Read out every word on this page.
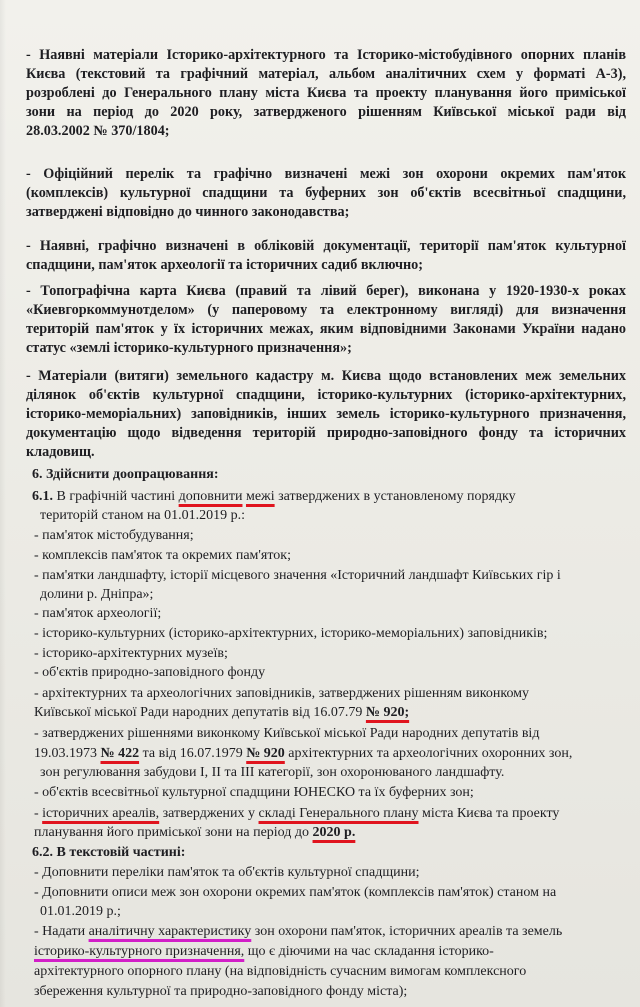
- Наявні матеріали Історико-архітектурного та Історико-містобудівного опорних планів
Києва (текстовий та графічний матеріал, альбом аналітичних схем у форматі А-3),
розроблені до Генерального плану міста Києва та проекту планування його приміської
зони на період до 2020 року, затвердженого рішенням Київської міської ради від
28.03.2002 № 370/1804;
- Офіційний перелік та графічно визначені межі зон охорони окремих пам'яток
(комплексів) культурної спадщини та буферних зон об'єктів всесвітньої спадщини,
затверджені відповідно до чинного законодавства;
- Наявні, графічно визначені в обліковій документації, території пам'яток культурної
спадщини, пам'яток археології та історичних садиб включно;
- Топографічна карта Києва (правий та лівий берег), виконана у 1920-1930-х роках
«Киевгоркоммунотделом» (у паперовому та електронному вигляді) для визначення
територій пам'яток у їх історичних межах, яким відповідними Законами України надано
статус «землі історико-культурного призначення»;
- Матеріали (витяги) земельного кадастру м. Києва щодо встановлених меж земельних
ділянок об'єктів культурної спадщини, історико-культурних (історико-архітектурних,
історико-меморіальних) заповідників, інших земель історико-культурного призначення,
документацію щодо відведення територій природно-заповідного фонду та історичних
кладовищ.
6. Здійснити доопрацювання:
6.1. В графічній частині доповнити межі затверджених в установленому порядку
територій станом на 01.01.2019 р.:
- пам'яток містобудування;
- комплексів пам'яток та окремих пам'яток;
- пам'ятки ландшафту, історії місцевого значення «Історичний ландшафт Київських гір і
долини р. Дніпра»;
- пам'яток археології;
- історико-культурних (історико-архітектурних, історико-меморіальних) заповідників;
- історико-архітектурних музеїв;
- об'єктів природно-заповідного фонду
- архітектурних та археологічних заповідників, затверджених рішенням виконкому
Київської міської Ради народних депутатів від 16.07.79 № 920;
- затверджених рішеннями виконкому Київської міської Ради народних депутатів від
19.03.1973 № 422 та від 16.07.1979 № 920 архітектурних та археологічних охоронних зон,
зон регулювання забудови І, ІІ та ІІІ категорії, зон охоронюваного ландшафту.
- об'єктів всесвітньої культурної спадщини ЮНЕСКО та їх буферних зон;
- історичних ареалів, затверджених у складі Генерального плану міста Києва та проекту
планування його приміської зони на період до 2020 р.
6.2. В текстовій частині:
- Доповнити переліки пам'яток та об'єктів культурної спадщини;
- Доповнити описи меж зон охорони окремих пам'яток (комплексів пам'яток) станом на
01.01.2019 р.;
- Надати аналітичну характеристику зон охорони пам'яток, історичних ареалів та земель
історико-культурного призначення, що є діючими на час складання історико-
архітектурного опорного плану (на відповідність сучасним вимогам комплексного
збереження культурної та природно-заповідного фонду міста);
